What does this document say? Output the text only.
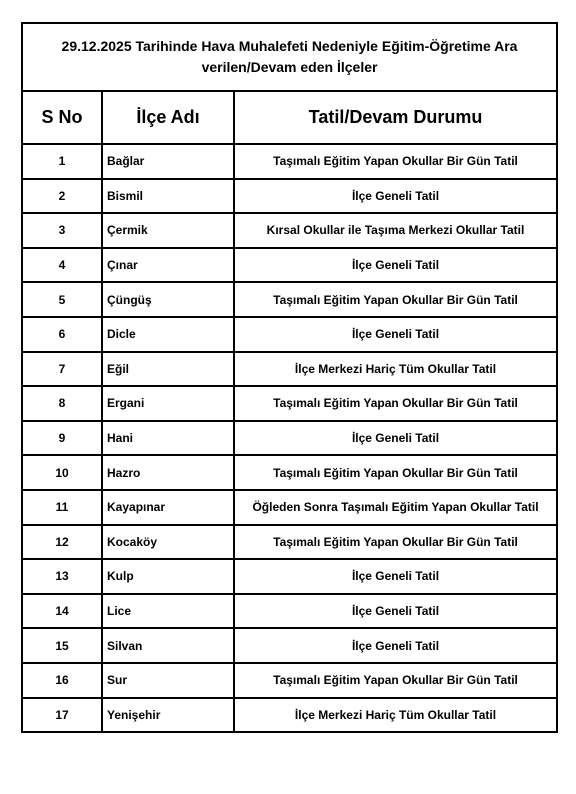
29.12.2025 Tarihinde Hava Muhalefeti Nedeniyle Eğitim-Öğretime Ara
verilen/Devam eden İlçeler		

S No	İlçe Adı	Tatil/Devam Durumu
1	Bağlar	Taşımalı Eğitim Yapan Okullar Bir Gün Tatil
2	Bismil	İlçe Geneli Tatil
3	Çermik	Kırsal Okullar ile Taşıma Merkezi Okullar Tatil
4	Çınar	İlçe Geneli Tatil
5	Çüngüş	Taşımalı Eğitim Yapan Okullar Bir Gün Tatil
6	Dicle	İlçe Geneli Tatil
7	Eğil	İlçe Merkezi Hariç Tüm Okullar Tatil
8	Ergani	Taşımalı Eğitim Yapan Okullar Bir Gün Tatil
9	Hani	İlçe Geneli Tatil
10	Hazro	Taşımalı Eğitim Yapan Okullar Bir Gün Tatil
11	Kayapınar	Öğleden Sonra Taşımalı Eğitim Yapan Okullar Tatil
12	Kocaköy	Taşımalı Eğitim Yapan Okullar Bir Gün Tatil
13	Kulp	İlçe Geneli Tatil
14	Lice	İlçe Geneli Tatil
15	Silvan	İlçe Geneli Tatil
16	Sur	Taşımalı Eğitim Yapan Okullar Bir Gün Tatil
17	Yenişehir	İlçe Merkezi Hariç Tüm Okullar Tatil
